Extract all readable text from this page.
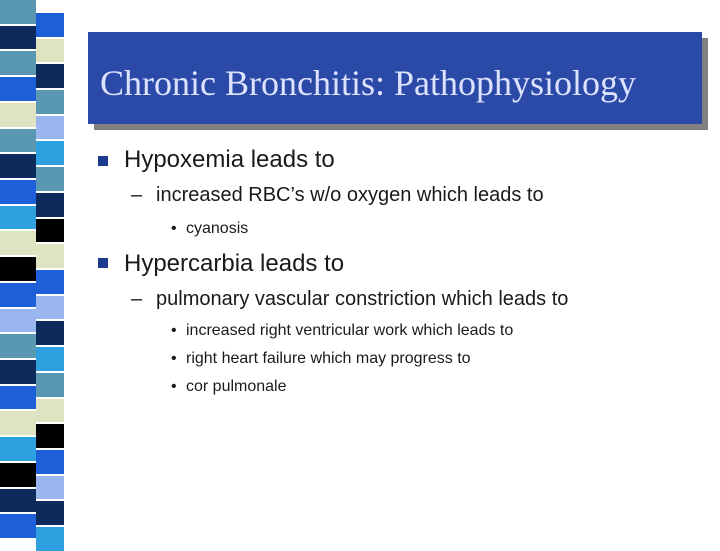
Chronic Bronchitis: Pathophysiology
Hypoxemia leads to
– increased RBC’s w/o oxygen which leads to
• cyanosis
Hypercarbia leads to
– pulmonary vascular constriction which leads to
• increased right ventricular work which leads to
• right heart failure which may progress to
• cor pulmonale
